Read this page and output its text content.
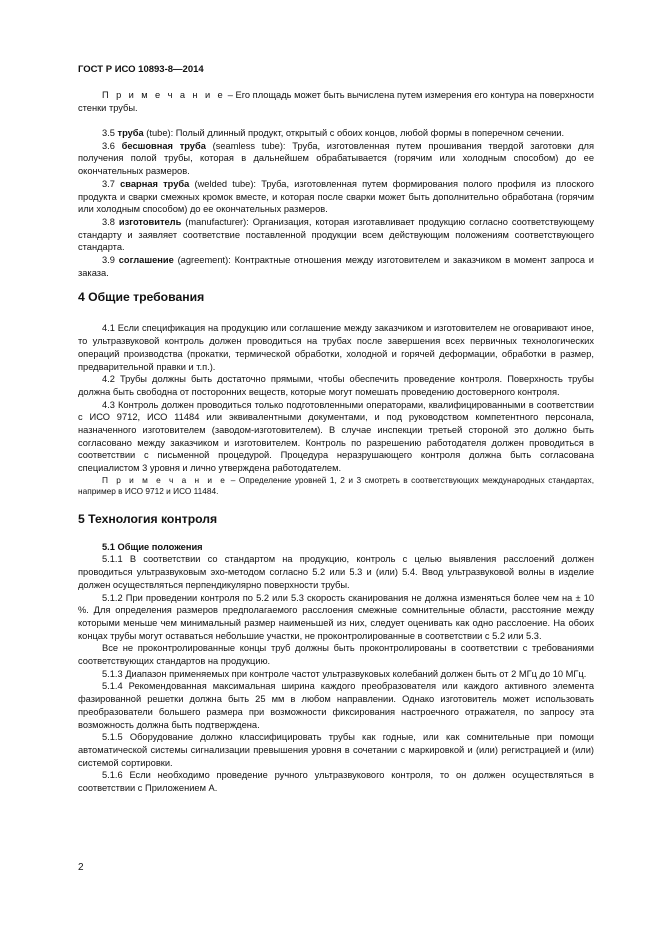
ГОСТ Р ИСО 10893-8—2014

П р и м е ч а н и е – Его площадь может быть вычислена путем измерения его контура на поверхности стенки трубы.

3.5 труба (tube): Полый длинный продукт, открытый с обоих концов, любой формы в поперечном сечении.

3.6 бесшовная труба (seamless tube): Труба, изготовленная путем прошивания твердой заготовки для получения полой трубы, которая в дальнейшем обрабатывается (горячим или холодным способом) до ее окончательных размеров.

3.7 сварная труба (welded tube): Труба, изготовленная путем формирования полого профиля из плоского продукта и сварки смежных кромок вместе, и которая после сварки может быть дополнительно обработана (горячим или холодным способом) до ее окончательных размеров.

3.8 изготовитель (manufacturer): Организация, которая изготавливает продукцию согласно соответствующему стандарту и заявляет соответствие поставленной продукции всем действующим положениям соответствующего стандарта.

3.9 соглашение (agreement): Контрактные отношения между изготовителем и заказчиком в момент запроса и заказа.

4 Общие требования

4.1 Если спецификация на продукцию или соглашение между заказчиком и изготовителем не оговаривают иное, то ультразвуковой контроль должен проводиться на трубах после завершения всех первичных технологических операций производства (прокатки, термической обработки, холодной и горячей деформации, обработки в размер, предварительной правки и т.п.).

4.2 Трубы должны быть достаточно прямыми, чтобы обеспечить проведение контроля. Поверхность трубы должна быть свободна от посторонних веществ, которые могут помешать проведению достоверного контроля.

4.3 Контроль должен проводиться только подготовленными операторами, квалифицированными в соответствии с ИСО 9712, ИСО 11484 или эквивалентными документами, и под руководством компетентного персонала, назначенного изготовителем (заводом-изготовителем). В случае инспекции третьей стороной это должно быть согласовано между заказчиком и изготовителем. Контроль по разрешению работодателя должен проводиться в соответствии с письменной процедурой. Процедура неразрушающего контроля должна быть согласована специалистом 3 уровня и лично утверждена работодателем.

П р и м е ч а н и е – Определение уровней 1, 2 и 3 смотреть в соответствующих международных стандартах, например в ИСО 9712 и ИСО 11484.

5 Технология контроля

5.1 Общие положения

5.1.1 В соответствии со стандартом на продукцию, контроль с целью выявления расслоений должен проводиться ультразвуковым эхо-методом согласно 5.2 или 5.3 и (или) 5.4. Ввод ультразвуковой волны в изделие должен осуществляться перпендикулярно поверхности трубы.

5.1.2 При проведении контроля по 5.2 или 5.3 скорость сканирования не должна изменяться более чем на ± 10 %. Для определения размеров предполагаемого расслоения смежные сомнительные области, расстояние между которыми меньше чем минимальный размер наименьшей из них, следует оценивать как одно расслоение. На обоих концах трубы могут оставаться небольшие участки, не проконтролированные в соответствии с 5.2 или 5.3.

Все не проконтролированные концы труб должны быть проконтролированы в соответствии с требованиями соответствующих стандартов на продукцию.

5.1.3 Диапазон применяемых при контроле частот ультразвуковых колебаний должен быть от 2 МГц до 10 МГц.

5.1.4 Рекомендованная максимальная ширина каждого преобразователя или каждого активного элемента фазированной решетки должна быть 25 мм в любом направлении. Однако изготовитель может использовать преобразователи большего размера при возможности фиксирования настроечного отражателя, по запросу эта возможность должна быть подтверждена.

5.1.5 Оборудование должно классифицировать трубы как годные, или как сомнительные при помощи автоматической системы сигнализации превышения уровня в сочетании с маркировкой и (или) регистрацией и (или) системой сортировки.

5.1.6 Если необходимо проведение ручного ультразвукового контроля, то он должен осуществляться в соответствии с Приложением А.

2
